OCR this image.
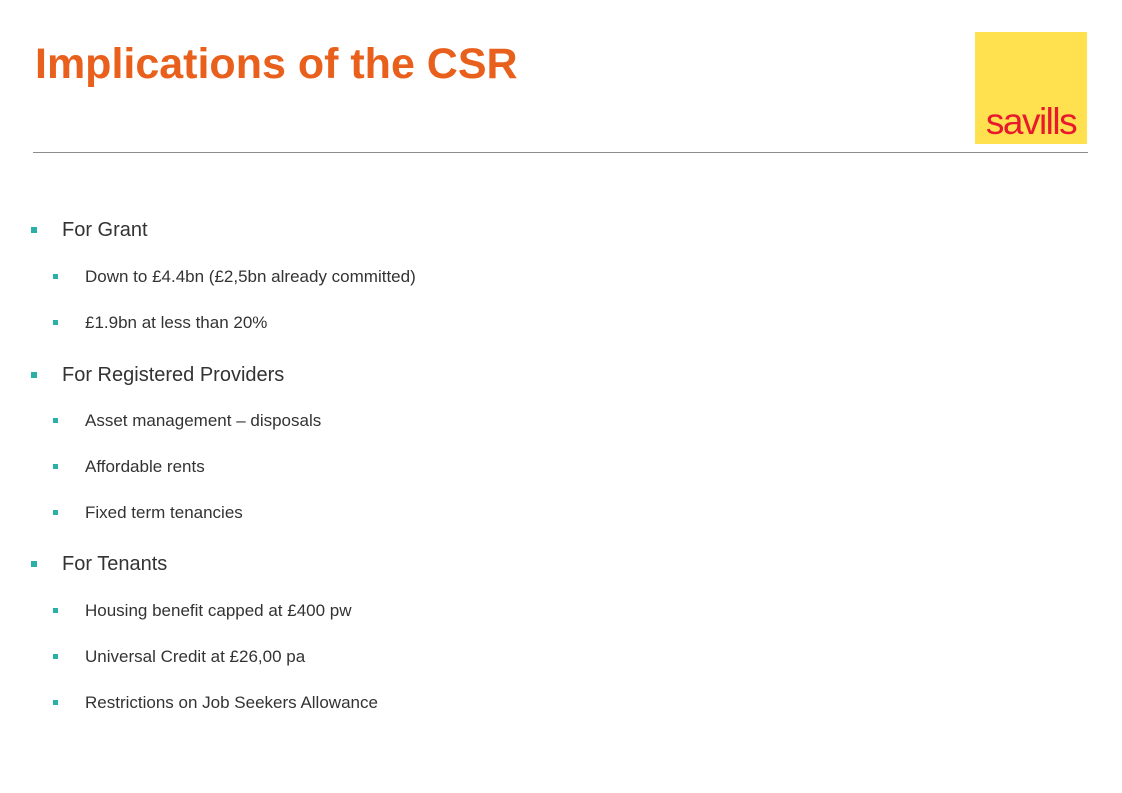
Implications of the CSR
savills
For Grant
Down to £4.4bn (£2,5bn already committed)
£1.9bn at less than 20%
For Registered Providers
Asset management – disposals
Affordable rents
Fixed term tenancies
For Tenants
Housing benefit capped at £400 pw
Universal Credit at £26,00 pa
Restrictions on Job Seekers Allowance
